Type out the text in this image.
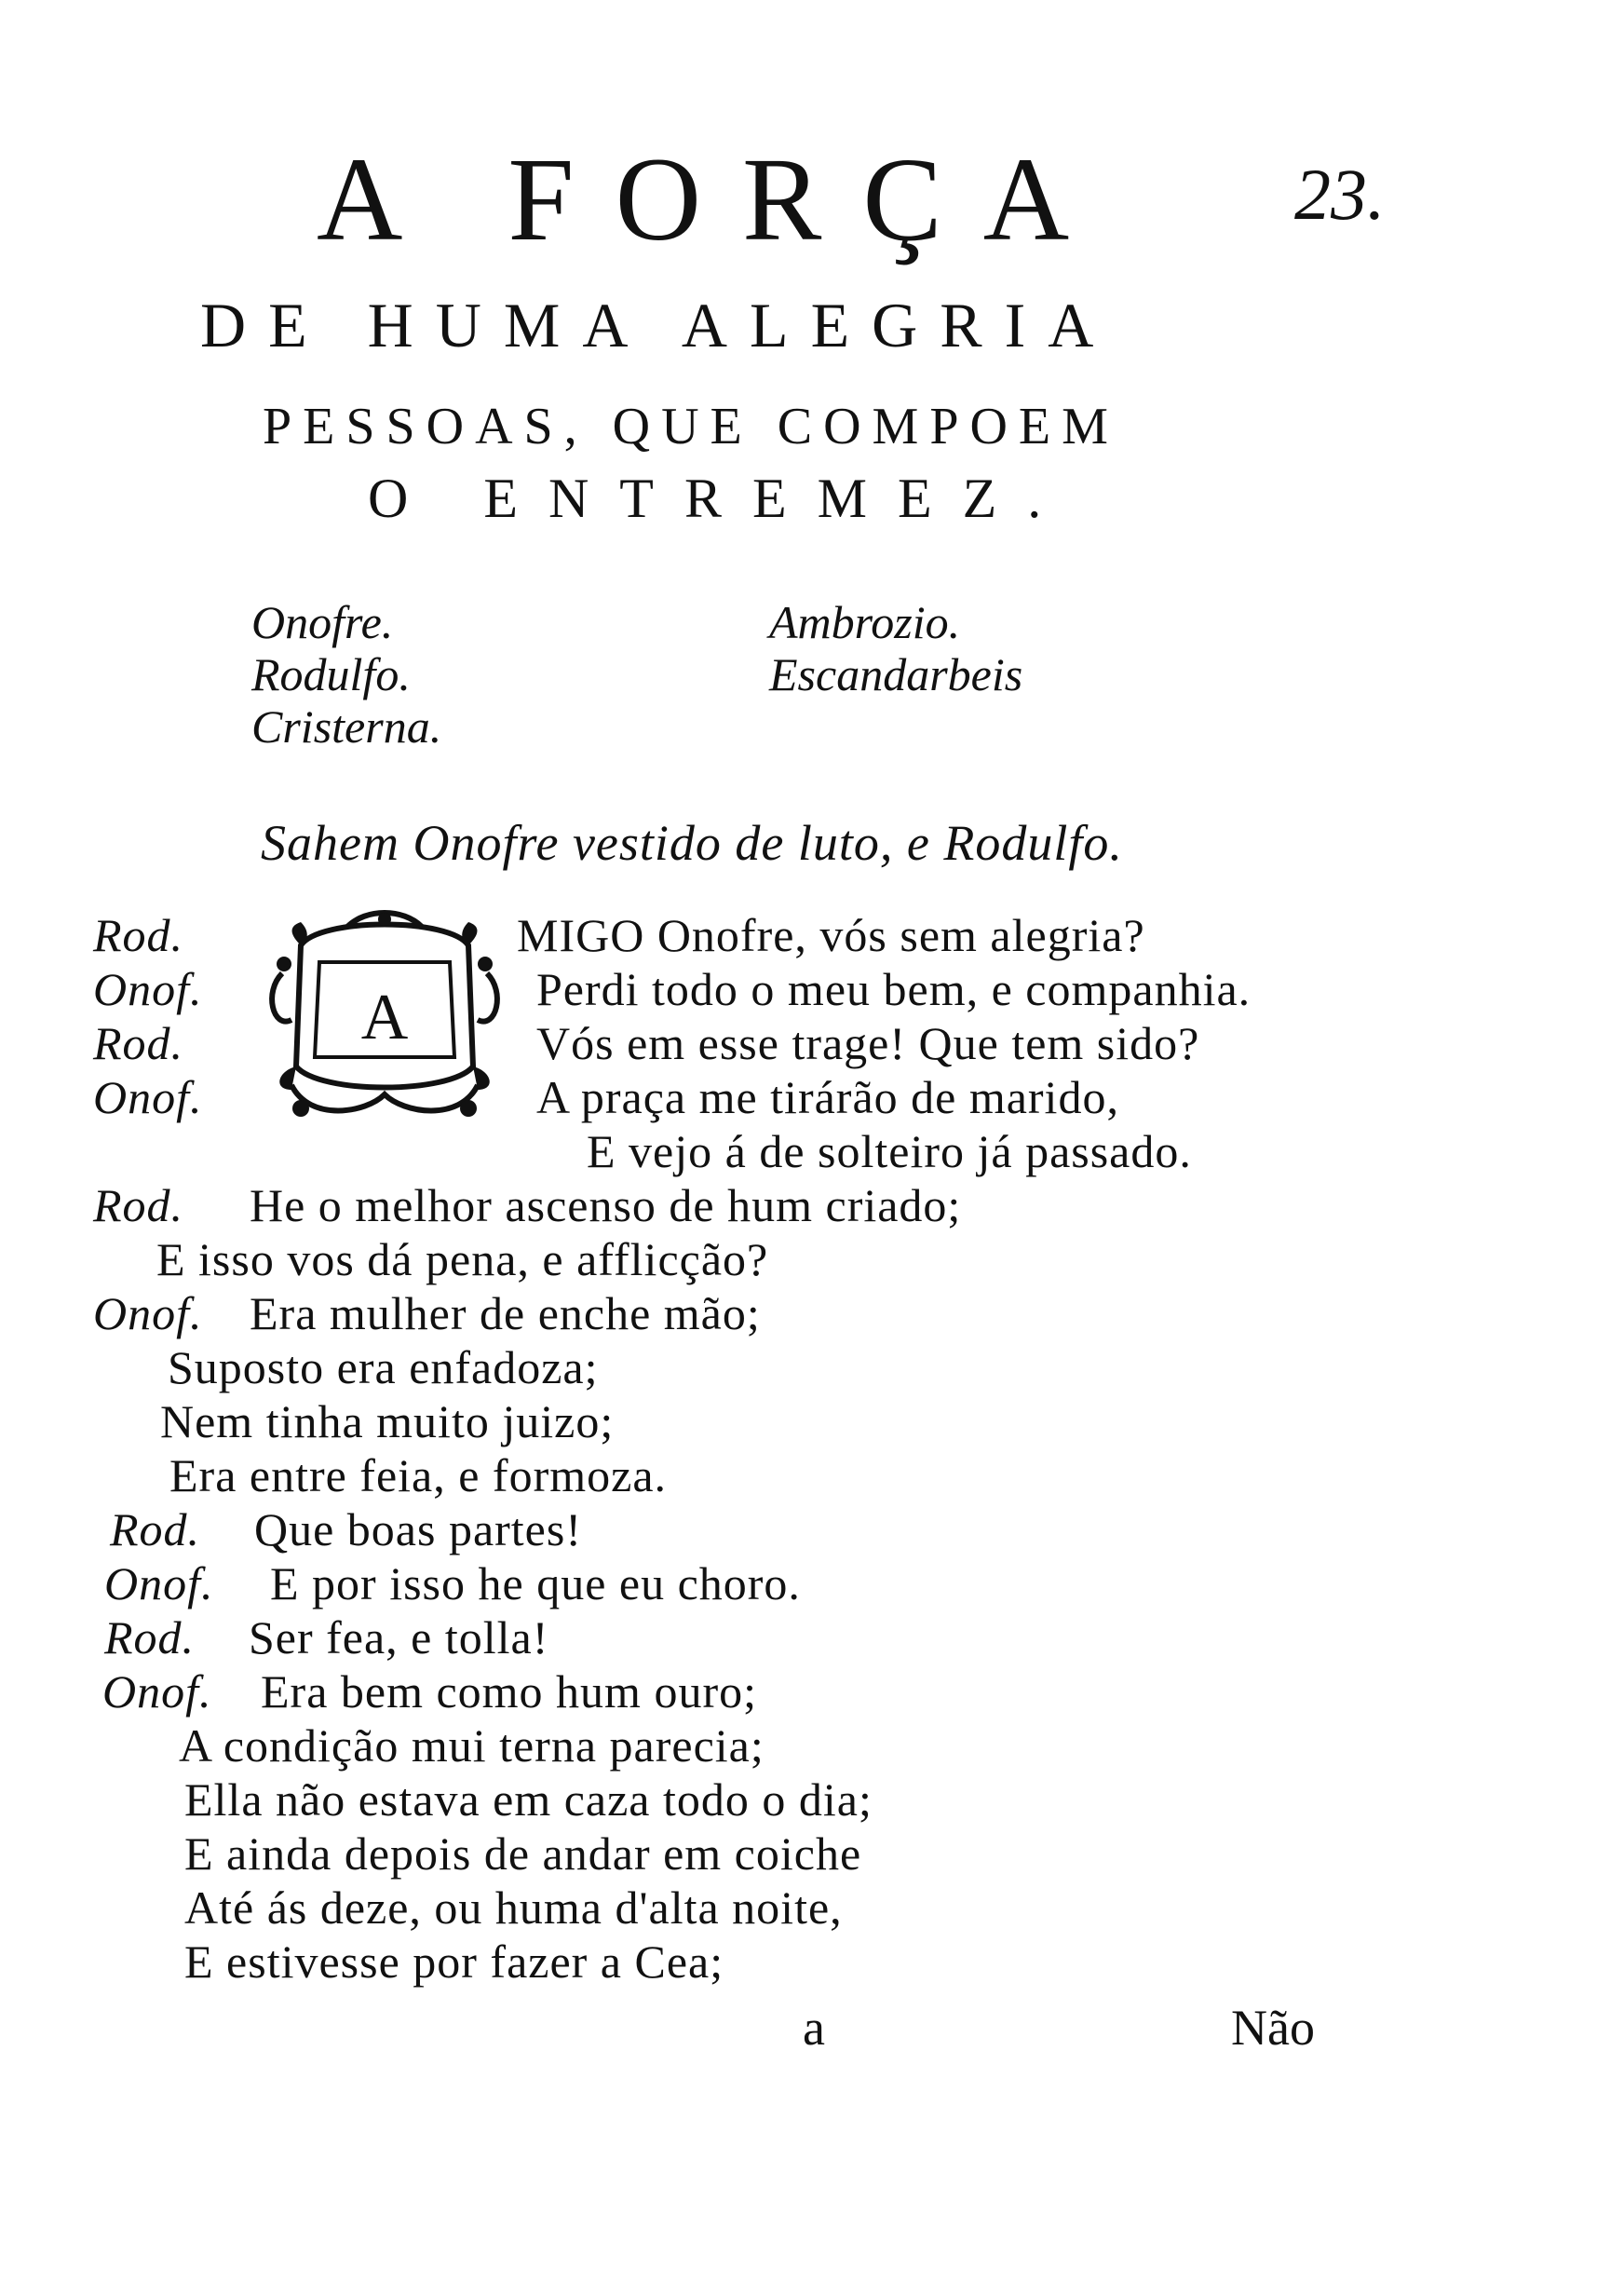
A FORÇA	23.
DE HUMA ALEGRIA
PESSOAS, QUE COMPOEM
O ENTREMEZ.
Onofre.
Rodulfo.
Cristerna.
Ambrozio.
Escandarbeis
Sahem Onofre vestido de luto, e Rodulfo.
A
Rod.	MIGO Onofre, vós sem alegria?
Onof.	Perdi todo o meu bem, e companhia.
Rod.	Vós em esse trage! Que tem sido?
Onof.	A praça me tirárão de marido,
E vejo á de solteiro já passado.
Rod. He o melhor ascenso de hum criado;
E isso vos dá pena, e afflicção?
Onof. Era mulher de enche mão;
Suposto era enfadoza;
Nem tinha muito juizo;
Era entre feia, e formoza.
Rod. Que boas partes!
Onof. E por isso he que eu choro.
Rod. Ser fea, e tolla!
Onof. Era bem como hum ouro;
A condição mui terna parecia;
Ella não estava em caza todo o dia;
E ainda depois de andar em coiche
Até ás deze, ou huma d'alta noite,
E estivesse por fazer a Cea;
a	Não
